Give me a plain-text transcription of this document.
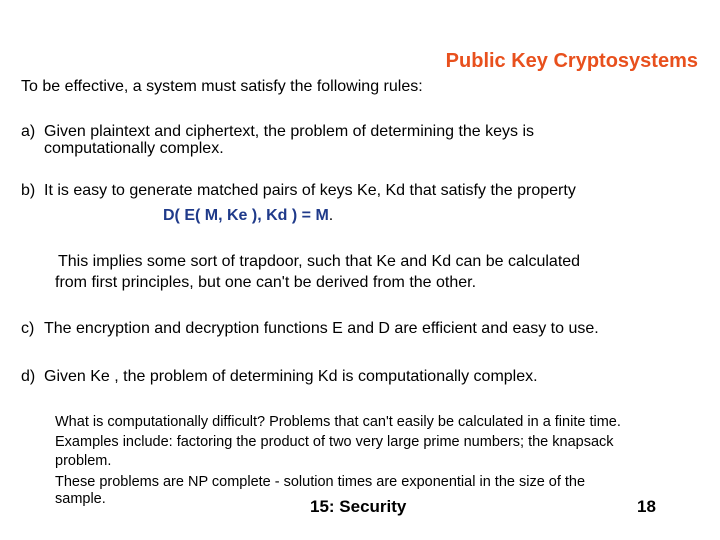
Public Key Cryptosystems
To be effective, a system must satisfy the following rules:
a) Given plaintext and ciphertext, the problem of determining the keys is
computationally complex.
b) It is easy to generate matched pairs of keys Ke, Kd that satisfy the property
D( E( M, Ke ), Kd ) = M.
This implies some sort of trapdoor, such that Ke and Kd can be calculated
from first principles, but one can't be derived from the other.
c) The encryption and decryption functions E and D are efficient and easy to use.
d) Given Ke , the problem of determining Kd is computationally complex.
What is computationally difficult? Problems that can't easily be calculated in a finite time.
Examples include: factoring the product of two very large prime numbers; the knapsack
problem.
These problems are NP complete - solution times are exponential in the size of the
sample.	15: Security	18
